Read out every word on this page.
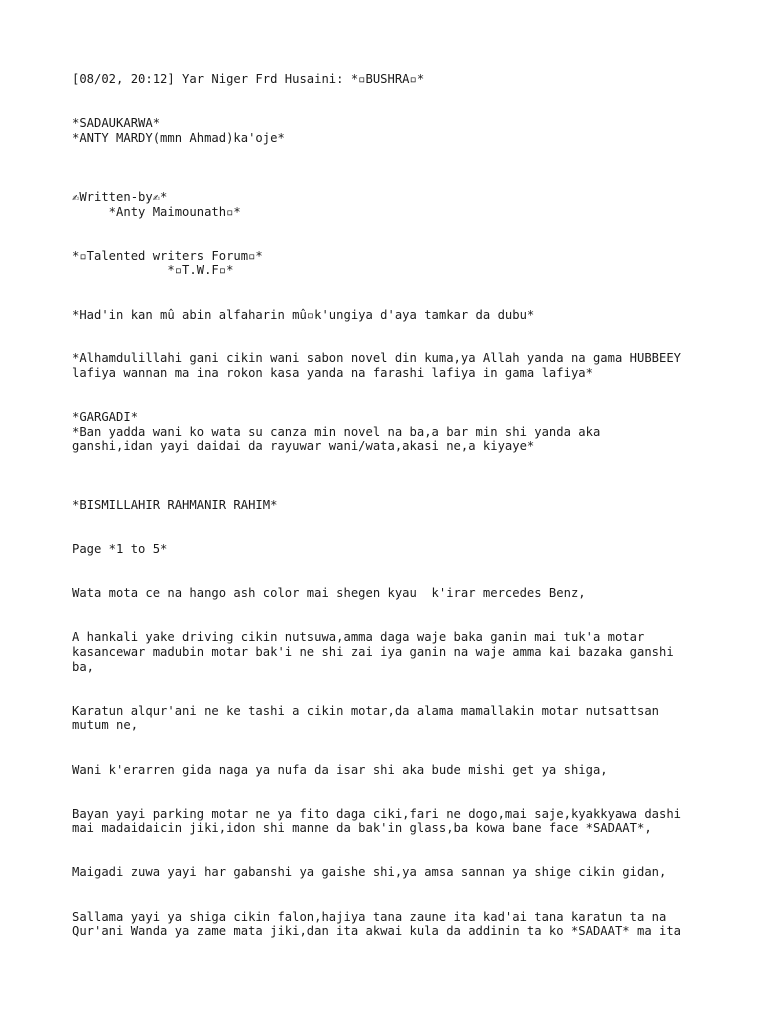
[08/02, 20:12] Yar Niger Frd Husaini: *▫BUSHRA▫*
*SADAUKARWA*
*ANTY MARDY(mmn Ahmad)ka'oje*
✍Written-by✍*
*Anty Maimounath▫*
*▫Talented writers Forum▫*
*▫T.W.F▫*
*Had'in kan mû abin alfaharin mû▫k'ungiya d'aya tamkar da dubu*
*Alhamdulillahi gani cikin wani sabon novel din kuma,ya Allah yanda na gama HUBBEEY
lafiya wannan ma ina rokon kasa yanda na farashi lafiya in gama lafiya*
*GARGADI*
*Ban yadda wani ko wata su canza min novel na ba,a bar min shi yanda aka
ganshi,idan yayi daidai da rayuwar wani/wata,akasi ne,a kiyaye*
*BISMILLAHIR RAHMANIR RAHIM*
Page *1 to 5*
Wata mota ce na hango ash color mai shegen kyau  k'irar mercedes Benz,
A hankali yake driving cikin nutsuwa,amma daga waje baka ganin mai tuk'a motar
kasancewar madubin motar bak'i ne shi zai iya ganin na waje amma kai bazaka ganshi
ba,
Karatun alqur'ani ne ke tashi a cikin motar,da alama mamallakin motar nutsattsan
mutum ne,
Wani k'erarren gida naga ya nufa da isar shi aka bude mishi get ya shiga,
Bayan yayi parking motar ne ya fito daga ciki,fari ne dogo,mai saje,kyakkyawa dashi
mai madaidaicin jiki,idon shi manne da bak'in glass,ba kowa bane face *SADAAT*,
Maigadi zuwa yayi har gabanshi ya gaishe shi,ya amsa sannan ya shige cikin gidan,
Sallama yayi ya shiga cikin falon,hajiya tana zaune ita kad'ai tana karatun ta na
Qur'ani Wanda ya zame mata jiki,dan ita akwai kula da addinin ta ko *SADAAT* ma ita
